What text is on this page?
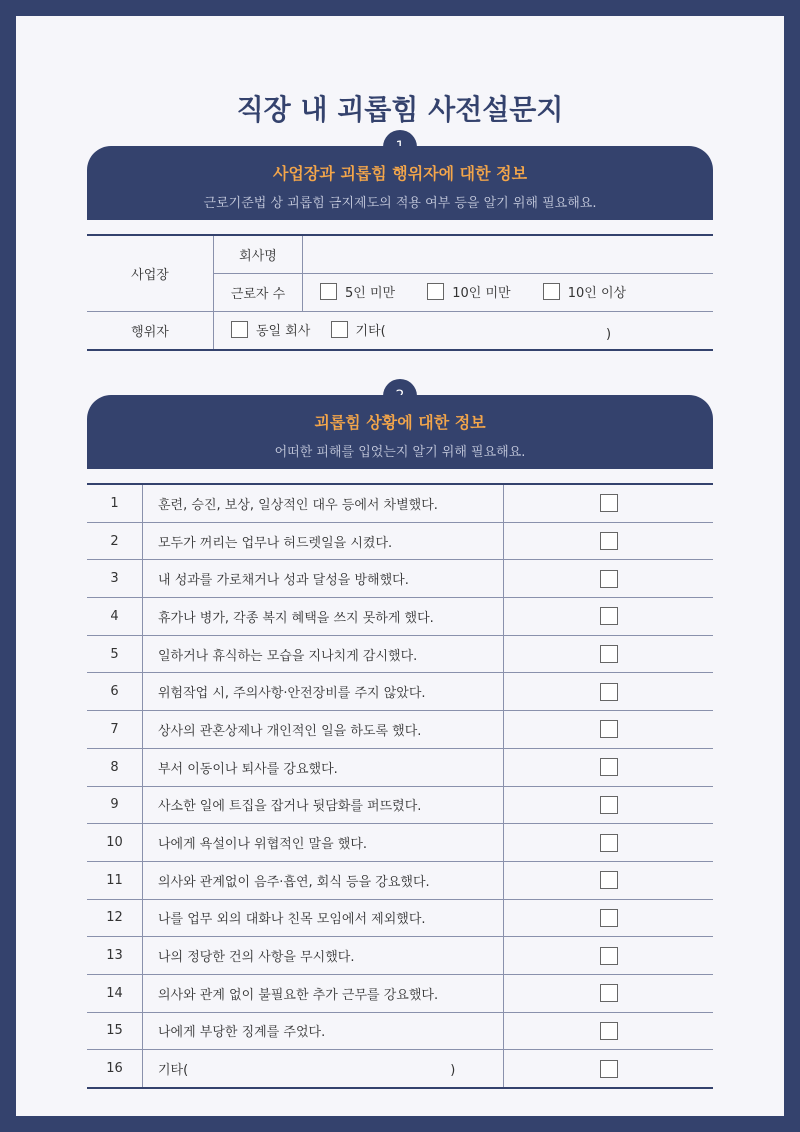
직장 내 괴롭힘 사전설문지
사업장과 괴롭힘 행위자에 대한 정보
근로기준법 상 괴롭힘 금지제도의 적용 여부 등을 알기 위해 필요해요.
사업장	회사명	
	근로자 수	5인 미만
10인 미만
10인 이상

행위자	동일 회사
기타( )	
괴롭힘 상황에 대한 정보
어떠한 피해를 입었는지 알기 위해 필요해요.
1	훈련, 승진, 보상, 일상적인 대우 등에서 차별했다.	
2	모두가 꺼리는 업무나 허드렛일을 시켰다.	
3	내 성과를 가로채거나 성과 달성을 방해했다.	
4	휴가나 병가, 각종 복지 혜택을 쓰지 못하게 했다.	
5	일하거나 휴식하는 모습을 지나치게 감시했다.	
6	위험작업 시, 주의사항·안전장비를 주지 않았다.	
7	상사의 관혼상제나 개인적인 일을 하도록 했다.	
8	부서 이동이나 퇴사를 강요했다.	
9	사소한 일에 트집을 잡거나 뒷담화를 퍼뜨렸다.	
10	나에게 욕설이나 위협적인 말을 했다.	
11	의사와 관계없이 음주·흡연, 회식 등을 강요했다.	
12	나를 업무 외의 대화나 친목 모임에서 제외했다.	
13	나의 정당한 건의 사항을 무시했다.	
14	의사와 관계 없이 불필요한 추가 근무를 강요했다.	
15	나에게 부당한 징계를 주었다.	
16	기타( )	
